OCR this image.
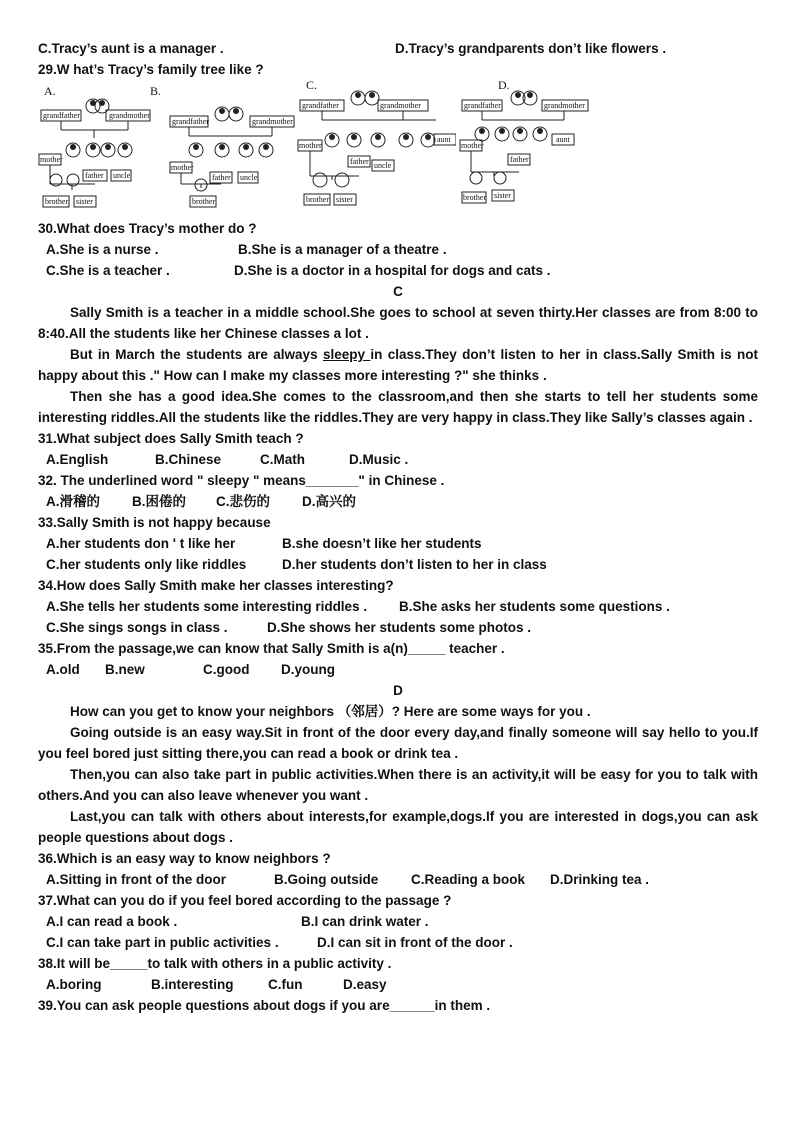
C.Tracy’s aunt is a manager .	D.Tracy’s grandparents don’t like flowers .
29.W hat’s Tracy’s family tree like ?
A.
grandfather	grandmother
mother
father uncle
brother sister
B.
grandfather	grandmother
mother
father uncle
brother
C.
grandfather	grandmother
mother
father uncle
aunt
brother sister
D.
grandfather	grandmother
mother
father
aunt
brother sister
30.What does Tracy’s mother do ?
A.She is a nurse .	B.She is a manager of a theatre .
C.She is a teacher .	D.She is a doctor in a hospital for dogs and cats .
C
Sally Smith is a teacher in a middle school.She goes to school at seven thirty.Her classes are from 8:00 to 8:40.All the students like her Chinese classes a lot .
But in March the students are always sleepy in class.They don’t listen to her in class.Sally Smith is not happy about this ." How can I make my classes more interesting ?" she thinks .
Then she has a good idea.She comes to the classroom,and then she starts to tell her students some interesting riddles.All the students like the riddles.They are very happy in class.They like Sally’s classes again .
31.What subject does Sally Smith teach ?
A.English	B.Chinese	C.Math	D.Music .
32. The underlined word " sleepy " means_______" in Chinese .
A.滑稽的 B.困倦的 C.悲伤的 D.高兴的
33.Sally Smith is not happy because
A.her students don ' t like her	B.she doesn’t like her students
C.her students only like riddles	D.her students don’t listen to her in class
34.How does Sally Smith make her classes interesting?
A.She tells her students some interesting riddles . B.She asks her students some questions .
C.She sings songs in class .	D.She shows her students some photos .
35.From the passage,we can know that Sally Smith is a(n)_____ teacher .
A.old B.new	C.good D.young
D
How can you get to know your neighbors （邻居）? Here are some ways for you .
Going outside is an easy way.Sit in front of the door every day,and finally someone will say hello to you.If you feel bored just sitting there,you can read a book or drink tea .
Then,you can also take part in public activities.When there is an activity,it will be easy for you to talk with others.And you can also leave whenever you want .
Last,you can talk with others about interests,for example,dogs.If you are interested in dogs,you can ask people questions about dogs .
36.Which is an easy way to know neighbors ?
A.Sitting in front of the door	B.Going outside C.Reading a book D.Drinking tea .
37.What can you do if you feel bored according to the passage ?
A.I can read a book .	B.I can drink water .
C.I can take part in public activities .	D.I can sit in front of the door .
38.It will be_____to talk with others in a public activity .
A.boring	B.interesting	C.fun	D.easy
39.You can ask people questions about dogs if you are______in them .
